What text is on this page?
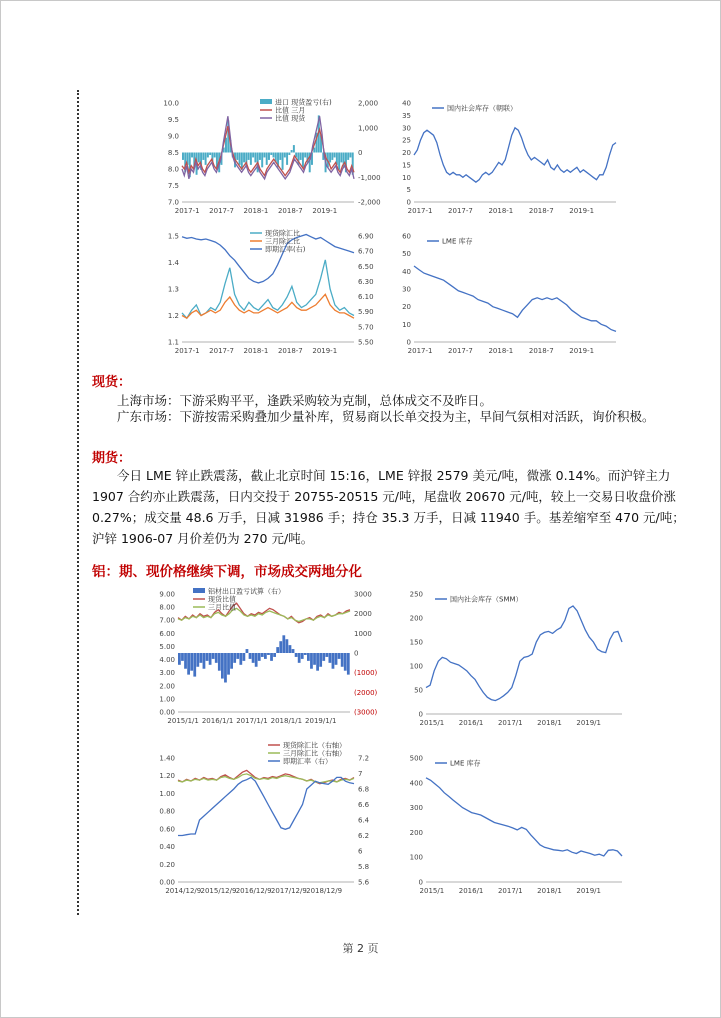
10.0
9.5
9.0
8.5
8.0
7.5
7.0
2,000
1,000
0
-1,000
-2,000
2017-1 2017-7 2018-1 2018-7 2019-1
进口 现货盈亏(右)
比值 三月
比值 现货
40
35
30
25
20
15
10
5
0
2017-1 2017-7 2018-1 2018-7 2019-1
国内社会库存（朝联）
1.5
1.4
1.3
1.2
1.1
6.90
6.70
6.50
6.30
6.10
5.90
5.70
5.50
2017-1 2017-7 2018-1 2018-7 2019-1
现货除汇比
三月除汇比
即期汇率(右)
60
50
40
30
20
10
0
2017-1 2017-7 2018-1 2018-7 2019-1
LME 库存
现货：
上海市场：下游采购平平，逢跌采购较为克制，总体成交不及昨日。
广东市场：下游按需采购叠加少量补库，贸易商以长单交投为主，早间气氛相对活跃，询价积极。
期货：
今日 LME 锌止跌震荡，截止北京时间 15:16，LME 锌报 2579 美元/吨，微涨 0.14%。而沪锌主力1907 合约亦止跌震荡，日内交投于 20755-20515 元/吨，尾盘收 20670 元/吨，较上一交易日收盘价涨 0.27%；成交量 48.6 万手，日减 31986 手；持仓 35.3 万手，日减 11940 手。基差缩窄至 470 元/吨；沪锌 1906-07 月价差仍为 270 元/吨。
铝：期、现价格继续下调，市场成交两地分化
9.00
8.00
7.00
6.00
5.00
4.00
3.00
2.00
1.00
0.00
3000
2000
1000
0
(1000)
(2000)
(3000)
2015/1/1 2016/1/1 2017/1/1 2018/1/1 2019/1/1
铝材出口盈亏试算（右）
现货比值
三月比值
250
200
150
100
50
0
2015/1 2016/1 2017/1 2018/1 2019/1
国内社会库存（SMM）
1.40
1.20
1.00
0.80
0.60
0.40
0.20
0.00
7.2
7
6.8
6.6
6.4
6.2
6
5.8
5.6
2014/12/9 2015/12/9 2016/12/9 2017/12/9 2018/12/9
现货除汇比（右轴）
三月除汇比（右轴）
即期汇率（右）	500
400
300
200
100
0
2015/1 2016/1 2017/1 2018/1 2019/1
LME 库存
第 2 页
